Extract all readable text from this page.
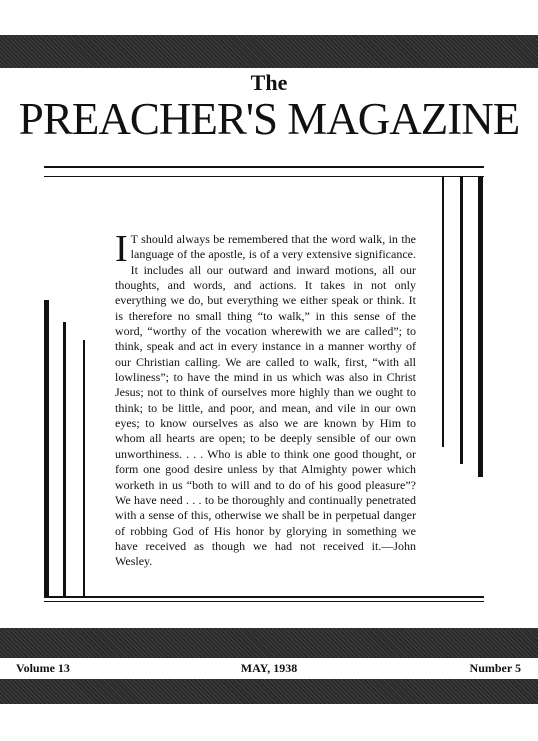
The
PREACHER'S MAGAZINE
I T should always be remembered that the word walk, in the language of the apostle, is of a very extensive significance. It includes all our outward and inward motions, all our thoughts, and words, and actions. It takes in not only everything we do, but everything we either speak or think. It is therefore no small thing “to walk,” in this sense of the word, “worthy of the vocation wherewith we are called”; to think, speak and act in every instance in a manner worthy of our Christian calling. We are called to walk, first, “with all lowliness”; to have the mind in us which was also in Christ Jesus; not to think of ourselves more highly than we ought to think; to be little, and poor, and mean, and vile in our own eyes; to know ourselves as also we are known by Him to whom all hearts are open; to be deeply sensible of our own unworthiness. . . . Who is able to think one good thought, or form one good desire unless by that Almighty power which worketh in us “both to will and to do of his good pleasure”? We have need . . . to be thoroughly and continually penetrated with a sense of this, otherwise we shall be in perpetual danger of robbing God of His honor by glorying in something we have received as though we had not received it.—John Wesley.
Volume 13	MAY, 1938	Number 5
